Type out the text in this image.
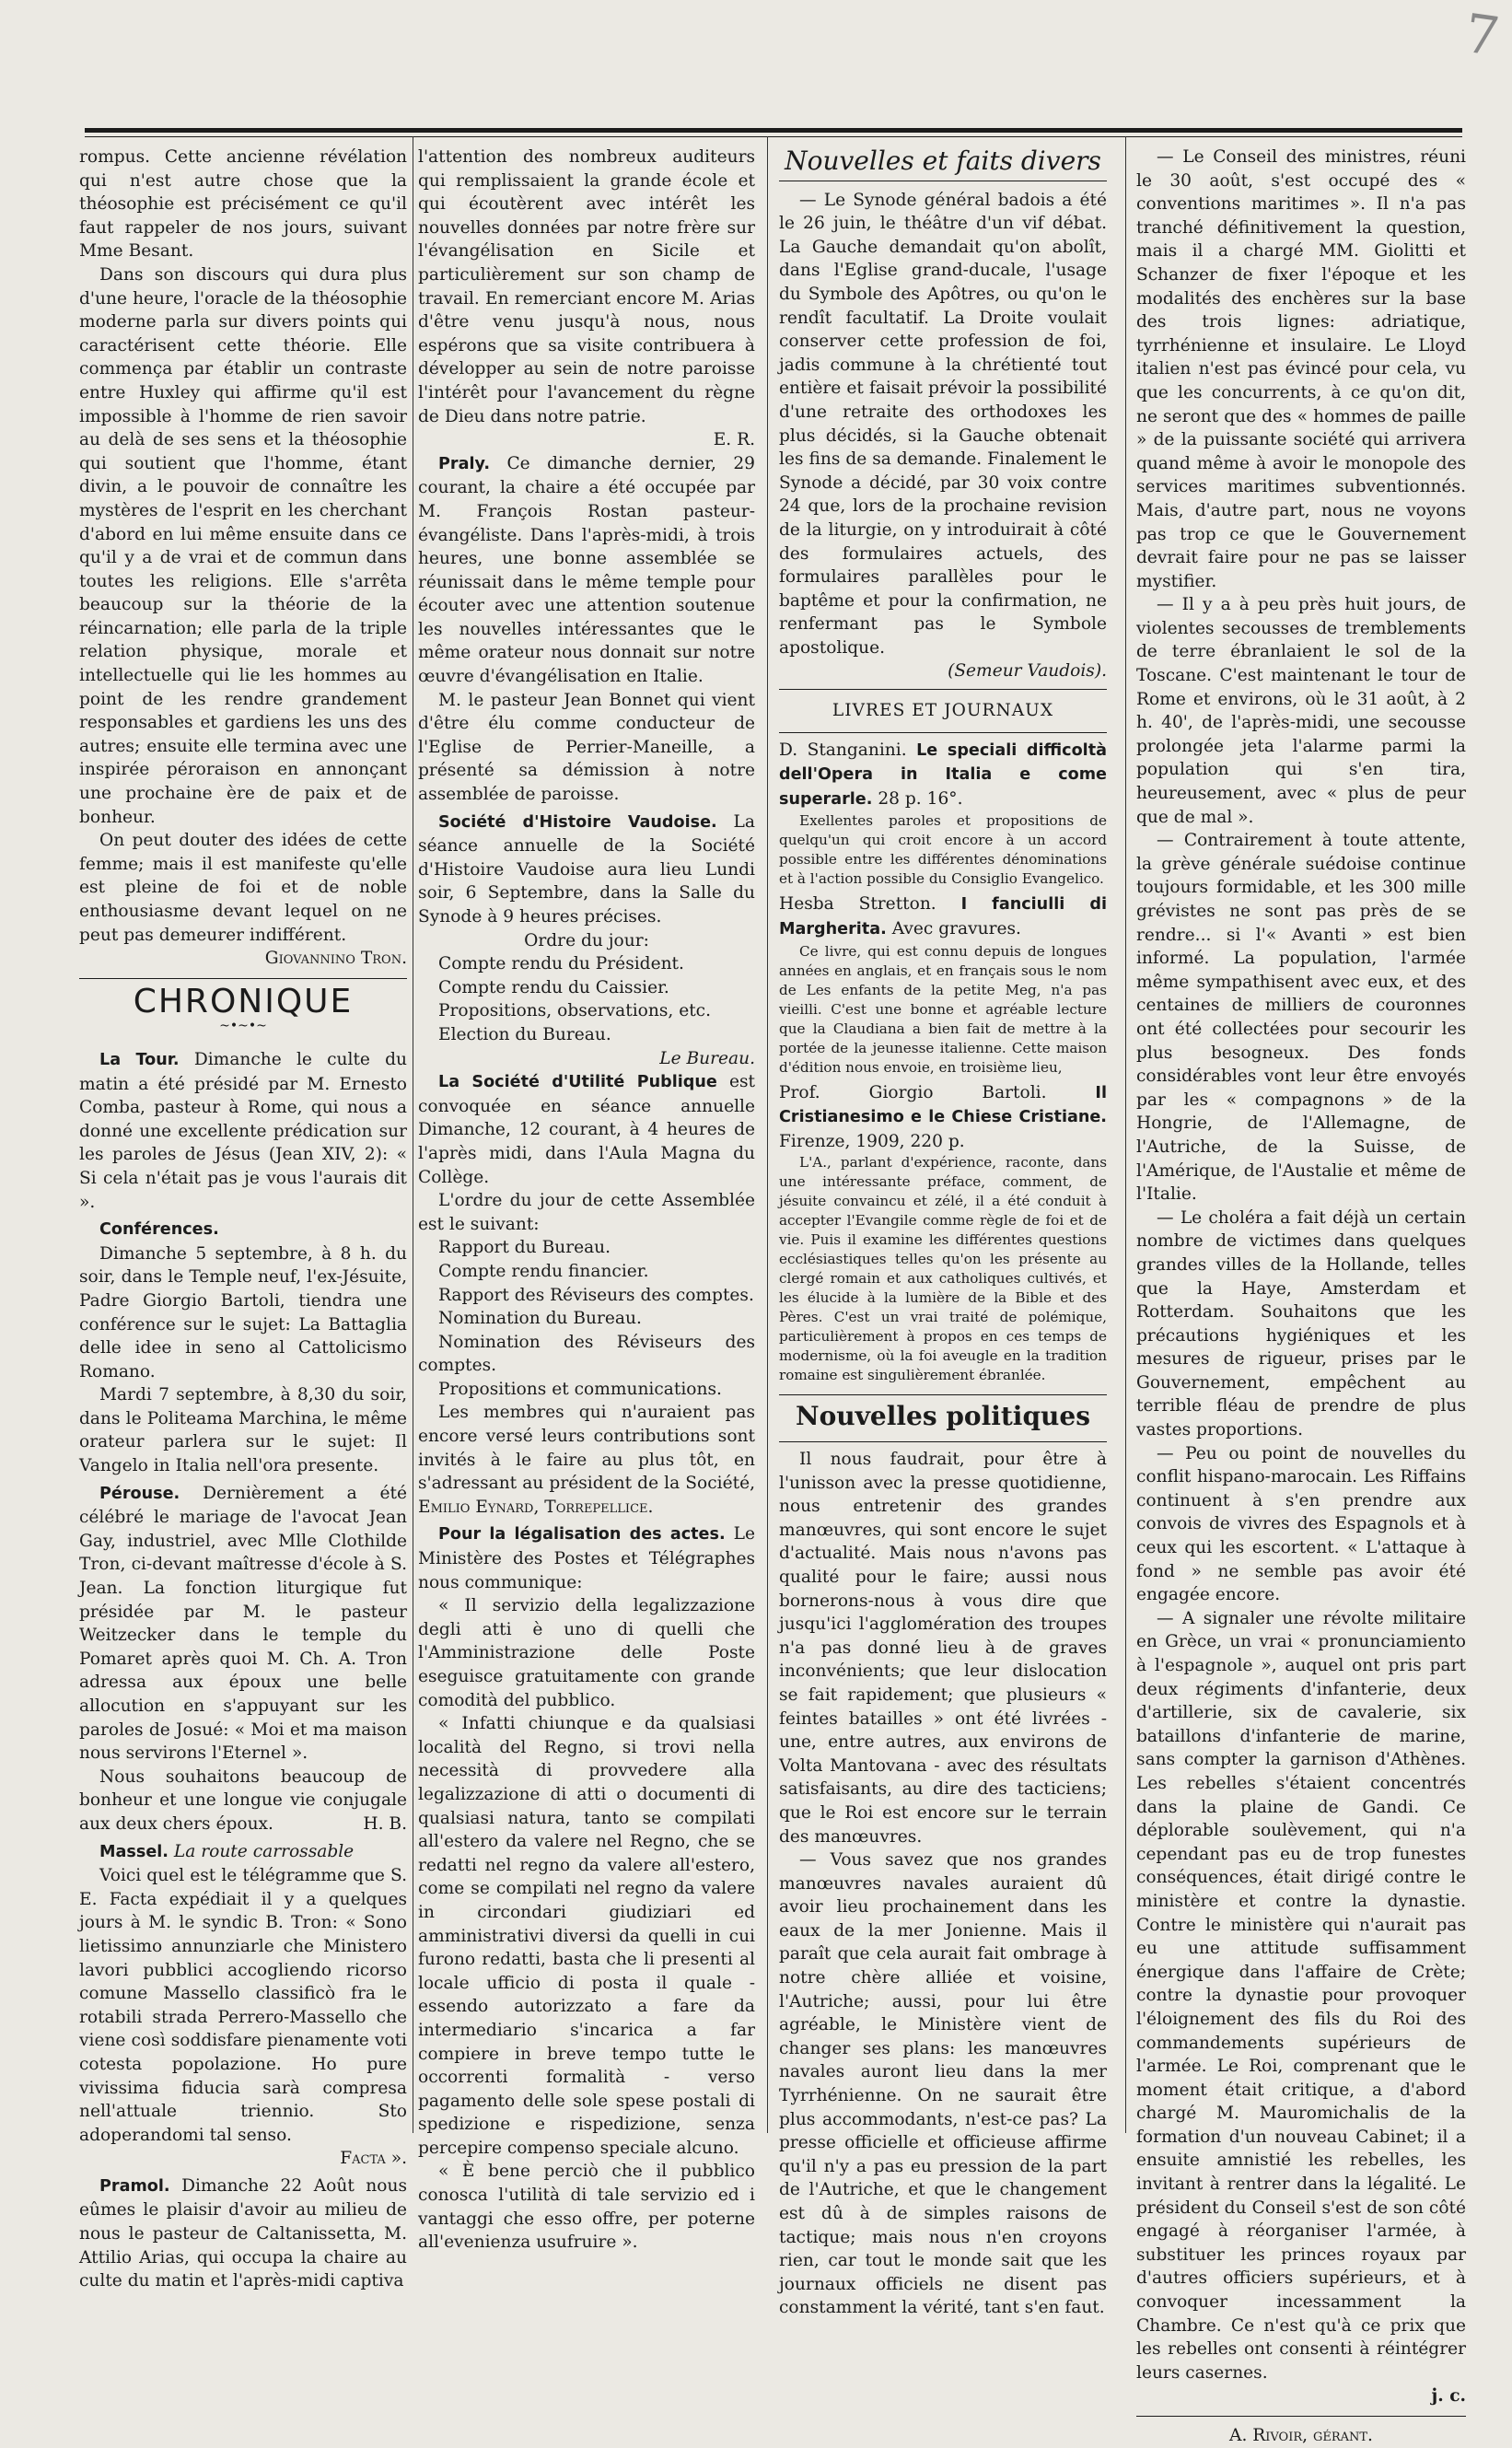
7

rompus. Cette ancienne révélation qui n'est autre chose que la théosophie est précisément ce qu'il faut rappeler de nos jours, suivant Mme Besant.

Dans son discours qui dura plus d'une heure, l'oracle de la théosophie moderne parla sur divers points qui caractérisent cette théorie. Elle commença par établir un contraste entre Huxley qui affirme qu'il est impossible à l'homme de rien savoir au delà de ses sens et la théosophie qui soutient que l'homme, étant divin, a le pouvoir de connaître les mystères de l'esprit en les cherchant d'abord en lui même ensuite dans ce qu'il y a de vrai et de commun dans toutes les religions. Elle s'arrêta beaucoup sur la théorie de la réincarnation; elle parla de la triple relation physique, morale et intellectuelle qui lie les hommes au point de les rendre grandement responsables et gardiens les uns des autres; ensuite elle termina avec une inspirée péroraison en annonçant une prochaine ère de paix et de bonheur.

On peut douter des idées de cette femme; mais il est manifeste qu'elle est pleine de foi et de noble enthousiasme devant lequel on ne peut pas demeurer indifférent.

Giovannino Tron.

CHRONIQUE
~•~•~

La Tour. Dimanche le culte du matin a été présidé par M. Ernesto Comba, pasteur à Rome, qui nous a donné une excellente prédication sur les paroles de Jésus (Jean XIV, 2): « Si cela n'était pas je vous l'aurais dit ».

Conférences.

Dimanche 5 septembre, à 8 h. du soir, dans le Temple neuf, l'ex-Jésuite, Padre Giorgio Bartoli, tiendra une conférence sur le sujet: La Battaglia delle idee in seno al Cattolicismo Romano.

Mardi 7 septembre, à 8,30 du soir, dans le Politeama Marchina, le même orateur parlera sur le sujet: Il Vangelo in Italia nell'ora presente.

Pérouse. Dernièrement a été célébré le mariage de l'avocat Jean Gay, industriel, avec Mlle Clothilde Tron, ci-devant maîtresse d'école à S. Jean. La fonction liturgique fut présidée par M. le pasteur Weitzecker dans le temple du Pomaret après quoi M. Ch. A. Tron adressa aux époux une belle allocution en s'appuyant sur les paroles de Josué: « Moi et ma maison nous servirons l'Eternel ».

Nous souhaitons beaucoup de bonheur et une longue vie conjugale aux deux chers époux.	H. B.

Massel. La route carrossable

Voici quel est le télégramme que S. E. Facta expédiait il y a quelques jours à M. le syndic B. Tron: « Sono lietissimo annunziarle che Ministero lavori pubblici accogliendo ricorso comune Massello classificò fra le rotabili strada Perrero-Massello che viene così soddisfare pienamente voti cotesta popolazione. Ho pure vivissima fiducia sarà compresa nell'attuale triennio. Sto adoperandomi tal senso.

Facta ».

Pramol. Dimanche 22 Août nous eûmes le plaisir d'avoir au milieu de nous le pasteur de Caltanissetta, M. Attilio Arias, qui occupa la chaire au culte du matin et l'après-midi captiva

l'attention des nombreux auditeurs qui remplissaient la grande école et qui écoutèrent avec intérêt les nouvelles données par notre frère sur l'évangélisation en Sicile et particulièrement sur son champ de travail. En remerciant encore M. Arias d'être venu jusqu'à nous, nous espérons que sa visite contribuera à développer au sein de notre paroisse l'intérêt pour l'avancement du règne de Dieu dans notre patrie.

E. R.

Praly. Ce dimanche dernier, 29 courant, la chaire a été occupée par M. François Rostan pasteur-évangéliste. Dans l'après-midi, à trois heures, une bonne assemblée se réunissait dans le même temple pour écouter avec une attention soutenue les nouvelles intéressantes que le même orateur nous donnait sur notre œuvre d'évangélisation en Italie.

M. le pasteur Jean Bonnet qui vient d'être élu comme conducteur de l'Eglise de Perrier-Maneille, a présenté sa démission à notre assemblée de paroisse.

Société d'Histoire Vaudoise. La séance annuelle de la Société d'Histoire Vaudoise aura lieu Lundi soir, 6 Septembre, dans la Salle du Synode à 9 heures précises.

Ordre du jour:

Compte rendu du Président.

Compte rendu du Caissier.

Propositions, observations, etc.

Election du Bureau.

Le Bureau.

La Société d'Utilité Publique est convoquée en séance annuelle Dimanche, 12 courant, à 4 heures de l'après midi, dans l'Aula Magna du Collège.

L'ordre du jour de cette Assemblée est le suivant:

Rapport du Bureau.

Compte rendu financier.

Rapport des Réviseurs des comptes.

Nomination du Bureau.

Nomination des Réviseurs des comptes.

Propositions et communications.

Les membres qui n'auraient pas encore versé leurs contributions sont invités à le faire au plus tôt, en s'adressant au président de la Société, Emilio Eynard, Torrepellice.

Pour la légalisation des actes. Le Ministère des Postes et Télégraphes nous communique:

« Il servizio della legalizzazione degli atti è uno di quelli che l'Amministrazione delle Poste eseguisce gratuitamente con grande comodità del pubblico.

« Infatti chiunque e da qualsiasi località del Regno, si trovi nella necessità di provvedere alla legalizzazione di atti o documenti di qualsiasi natura, tanto se compilati all'estero da valere nel Regno, che se redatti nel regno da valere all'estero, come se compilati nel regno da valere in circondari giudiziari ed amministrativi diversi da quelli in cui furono redatti, basta che li presenti al locale ufficio di posta il quale - essendo autorizzato a fare da intermediario s'incarica a far compiere in breve tempo tutte le occorrenti formalità - verso pagamento delle sole spese postali di spedizione e rispedizione, senza percepire compenso speciale alcuno.

« È bene perciò che il pubblico conosca l'utilità di tale servizio ed i vantaggi che esso offre, per poterne all'evenienza usufruire ».

Nouvelles et faits divers

— Le Synode général badois a été le 26 juin, le théâtre d'un vif débat. La Gauche demandait qu'on abolît, dans l'Eglise grand-ducale, l'usage du Symbole des Apôtres, ou qu'on le rendît facultatif. La Droite voulait conserver cette profession de foi, jadis commune à la chrétienté tout entière et faisait prévoir la possibilité d'une retraite des orthodoxes les plus décidés, si la Gauche obtenait les fins de sa demande. Finalement le Synode a décidé, par 30 voix contre 24 que, lors de la prochaine revision de la liturgie, on y introduirait à côté des formulaires actuels, des formulaires parallèles pour le baptême et pour la confirmation, ne renfermant pas le Symbole apostolique.

(Semeur Vaudois).

LIVRES ET JOURNAUX

D. Stanganini. Le speciali difficoltà dell'Opera in Italia e come superarle. 28 p. 16°.

Exellentes paroles et propositions de quelqu'un qui croit encore à un accord possible entre les différentes dénominations et à l'action possible du Consiglio Evangelico.

Hesba Stretton. I fanciulli di Margherita. Avec gravures.

Ce livre, qui est connu depuis de longues années en anglais, et en français sous le nom de Les enfants de la petite Meg, n'a pas vieilli. C'est une bonne et agréable lecture que la Claudiana a bien fait de mettre à la portée de la jeunesse italienne. Cette maison d'édition nous envoie, en troisième lieu,

Prof. Giorgio Bartoli.	Il Cristianesimo e le Chiese Cristiane. Firenze, 1909, 220 p.

L'A., parlant d'expérience, raconte, dans une intéressante préface, comment, de jésuite convaincu et zélé, il a été conduit à accepter l'Evangile comme règle de foi et de vie. Puis il examine les différentes questions ecclésiastiques telles qu'on les présente au clergé romain et aux catholiques cultivés, et les élucide à la lumière de la Bible et des Pères. C'est un vrai traité de polémique, particulièrement à propos en ces temps de modernisme, où la foi aveugle en la tradition romaine est singulièrement ébranlée.

Nouvelles politiques

Il nous faudrait, pour être à l'unisson avec la presse quotidienne, nous entretenir des grandes manœuvres, qui sont encore le sujet d'actualité. Mais nous n'avons pas qualité pour le faire; aussi nous bornerons-nous à vous dire que jusqu'ici l'agglomération des troupes n'a pas donné lieu à de graves inconvénients; que leur dislocation se fait rapidement; que plusieurs « feintes batailles » ont été livrées - une, entre autres, aux environs de Volta Mantovana - avec des résultats satisfaisants, au dire des tacticiens; que le Roi est encore sur le terrain des manœuvres.

— Vous savez que nos grandes manœuvres navales auraient dû avoir lieu prochainement dans les eaux de la mer Jonienne. Mais il paraît que cela aurait fait ombrage à notre chère alliée et voisine, l'Autriche; aussi, pour lui être agréable, le Ministère vient de changer ses plans: les manœuvres navales auront lieu dans la mer Tyrrhénienne. On ne saurait être plus accommodants, n'est-ce pas? La presse officielle et officieuse affirme qu'il n'y a pas eu pression de la part de l'Autriche, et que le changement est dû à de simples raisons de tactique; mais nous n'en croyons rien, car tout le monde sait que les journaux officiels ne disent pas constamment la vérité, tant s'en faut.

— Le Conseil des ministres, réuni le 30 août, s'est occupé des « conventions maritimes ». Il n'a pas tranché définitivement la question, mais il a chargé MM. Giolitti et Schanzer de fixer l'époque et les modalités des enchères sur la base des trois lignes: adriatique, tyrrhénienne et insulaire. Le Lloyd italien n'est pas évincé pour cela, vu que les concurrents, à ce qu'on dit, ne seront que des « hommes de paille » de la puissante société qui arrivera quand même à avoir le monopole des services maritimes subventionnés. Mais, d'autre part, nous ne voyons pas trop ce que le Gouvernement devrait faire pour ne pas se laisser mystifier.

— Il y a à peu près huit jours, de violentes secousses de tremblements de terre ébranlaient le sol de la Toscane. C'est maintenant le tour de Rome et environs, où le 31 août, à 2 h. 40', de l'après-midi, une secousse prolongée jeta l'alarme parmi la population qui s'en tira, heureusement, avec « plus de peur que de mal ».

— Contrairement à toute attente, la grève générale suédoise continue toujours formidable, et les 300 mille grévistes ne sont pas près de se rendre... si l'« Avanti » est bien informé. La population, l'armée même sympathisent avec eux, et des centaines de milliers de couronnes ont été collectées pour secourir les plus besogneux. Des fonds considérables vont leur être envoyés par les « compagnons » de la Hongrie, de l'Allemagne, de l'Autriche, de la Suisse, de l'Amérique, de l'Austalie et même de l'Italie.

— Le choléra a fait déjà un certain nombre de victimes dans quelques grandes villes de la Hollande, telles que la Haye, Amsterdam et Rotterdam. Souhaitons que les précautions hygiéniques et les mesures de rigueur, prises par le Gouvernement, empêchent au terrible fléau de prendre de plus vastes proportions.

— Peu ou point de nouvelles du conflit hispano-marocain. Les Riffains continuent à s'en prendre aux convois de vivres des Espagnols et à ceux qui les escortent. « L'attaque à fond » ne semble pas avoir été engagée encore.

— A signaler une révolte militaire en Grèce, un vrai « pronunciamiento à l'espagnole », auquel ont pris part deux régiments d'infanterie, deux d'artillerie, six de cavalerie, six bataillons d'infanterie de marine, sans compter la garnison d'Athènes. Les rebelles s'étaient concentrés dans la plaine de Gandi. Ce déplorable soulèvement, qui n'a cependant pas eu de trop funestes conséquences, était dirigé contre le ministère et contre la dynastie. Contre le ministère qui n'aurait pas eu une attitude suffisamment énergique dans l'affaire de Crète; contre la dynastie pour provoquer l'éloignement des fils du Roi des commandements supérieurs de l'armée. Le Roi, comprenant que le moment était critique, a d'abord chargé M. Mauromichalis de la formation d'un nouveau Cabinet; il a ensuite amnistié les rebelles, les invitant à rentrer dans la légalité. Le président du Conseil s'est de son côté engagé à réorganiser l'armée, à substituer les princes royaux par d'autres officiers supérieurs, et à convoquer incessamment la Chambre. Ce n'est qu'à ce prix que les rebelles ont consenti à réintégrer leurs casernes.

j. c.

A. Rivoir, gérant.
